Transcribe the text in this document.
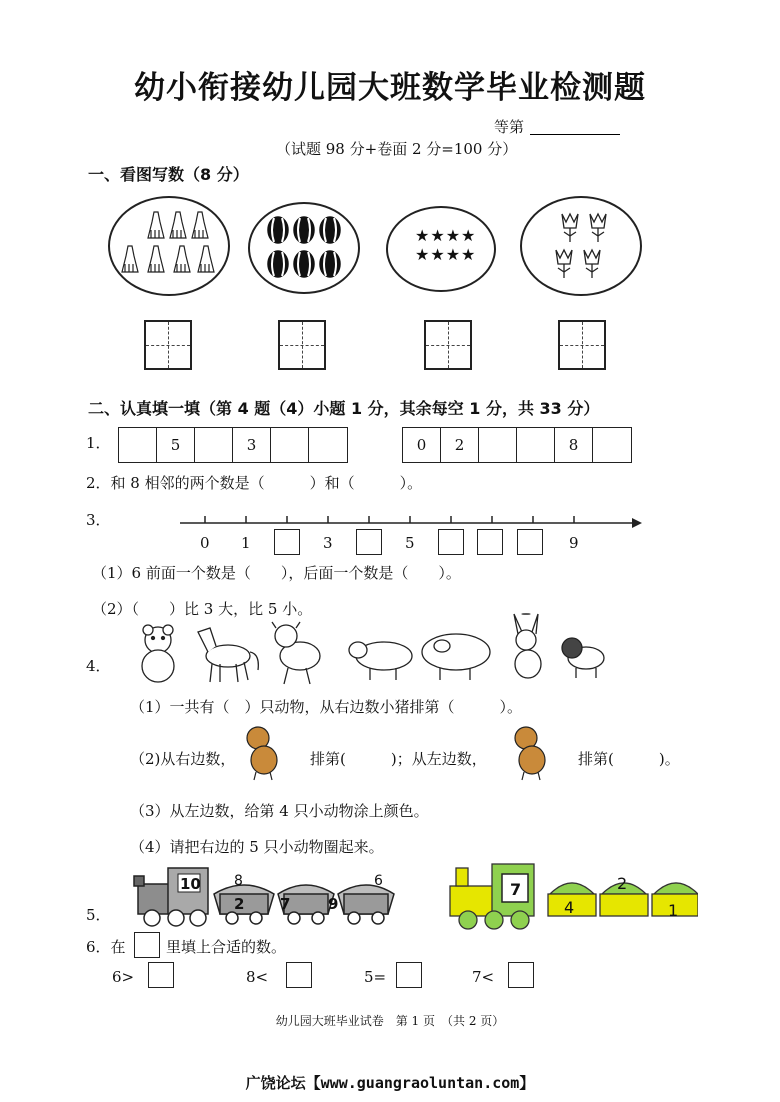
幼小衔接幼儿园大班数学毕业检测题
等第
（试题 98 分+卷面 2 分=100 分）
一、看图写数（8 分）
★★★★
★★★★
二、认真填一填（第 4 题（4）小题 1 分，其余每空 1 分，共 33 分）
1．	5	3	0	2	8
2．和 8 相邻的两个数是（　　　）和（　　　）。
3．
0 1	3	5	9
（1）6 前面一个数是（　　），后面一个数是（　　）。
（2）（　　）比 3 大，比 5 小。
4．
（1）一共有（　）只动物，从右边数小猪排第（　　　）。
（2)从右边数，	排第(　　　)；从左边数，	排第(　　　)。
（3）从左边数，给第 4 只小动物涂上颜色。
（4）请把右边的 5 只小动物圈起来。
5．
10 8	6
2 7	9
7	2
4	1
6．在	里填上合适的数。
6>	8<	5=	7<
幼儿园大班毕业试卷　第 1 页　（共 2 页）
广饶论坛【www.guangraoluntan.com】
